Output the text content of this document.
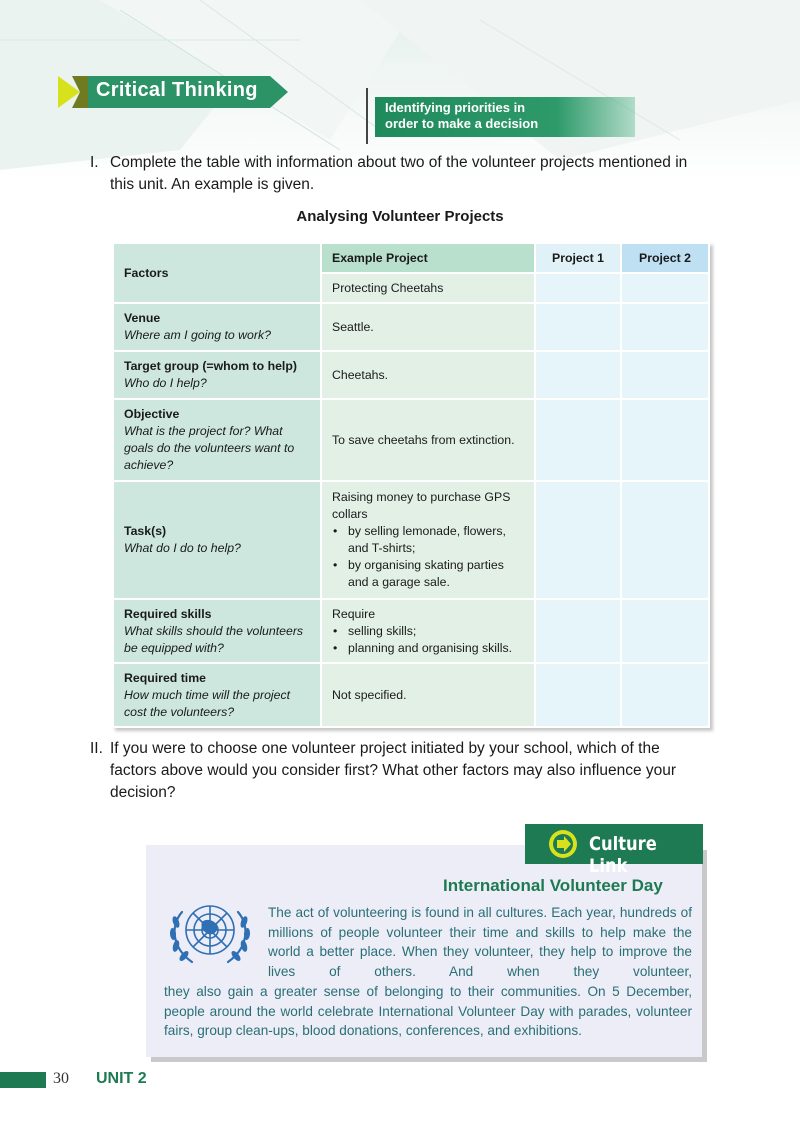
Critical Thinking
Identifying priorities in order to make a decision
I. Complete the table with information about two of the volunteer projects mentioned in this unit. An example is given.
Analysing Volunteer Projects
Factors	Example Project	Project 1	Project 2
	Protecting Cheetahs		

Venue
Where am I going to work?	Seattle.		

Target group (=whom to help)
Who do I help?	Cheetahs.		

Objective
What is the project for? What goals do the volunteers want to achieve?	To save cheetahs from extinction.		

Task(s)
What do I do to help?	Raising money to purchase GPS collars
• by selling lemonade, flowers, and T-shirts;
• by organising skating parties and a garage sale.

Required skills
What skills should the volunteers be equipped with?	Require
• selling skills;
• planning and organising skills.

Required time
How much time will the project cost the volunteers?	Not specified.		
II. If you were to choose one volunteer project initiated by your school, which of the factors above would you consider first? What other factors may also influence your decision?
Culture Link
International Volunteer Day
The act of volunteering is found in all cultures. Each year, hundreds of millions of people volunteer their time and skills to help make the world a better place. When they volunteer, they help to improve the lives of others. And when they volunteer,
they also gain a greater sense of belonging to their communities. On 5 December, people around the world celebrate International Volunteer Day with parades, volunteer fairs, group clean-ups, blood donations, conferences, and exhibitions.
30 UNIT 2
